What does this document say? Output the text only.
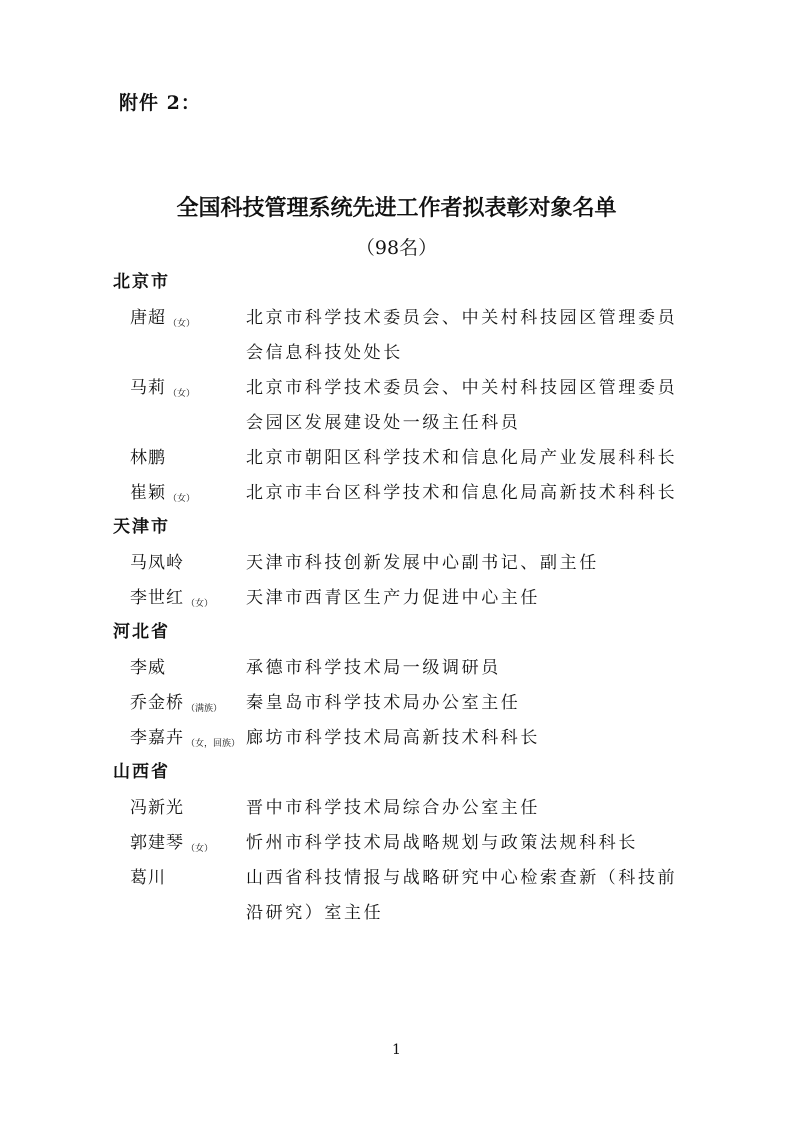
附件 2：
全国科技管理系统先进工作者拟表彰对象名单
（98名）
北京市
唐超 （女）	北京市科学技术委员会、中关村科技园区管理委员会信息科技处处长
马莉 （女）	北京市科学技术委员会、中关村科技园区管理委员会园区发展建设处一级主任科员
林鹏	北京市朝阳区科学技术和信息化局产业发展科科长
崔颖 （女）	北京市丰台区科学技术和信息化局高新技术科科长
天津市
马凤岭	天津市科技创新发展中心副书记、副主任
李世红 （女）	天津市西青区生产力促进中心主任
河北省
李威	承德市科学技术局一级调研员
乔金桥 （满族）	秦皇岛市科学技术局办公室主任
李嘉卉 （女，回族） 廊坊市科学技术局高新技术科科长
山西省
冯新光	晋中市科学技术局综合办公室主任
郭建琴 （女）	忻州市科学技术局战略规划与政策法规科科长
葛川	山西省科技情报与战略研究中心检索查新（科技前沿研究）室主任
1
